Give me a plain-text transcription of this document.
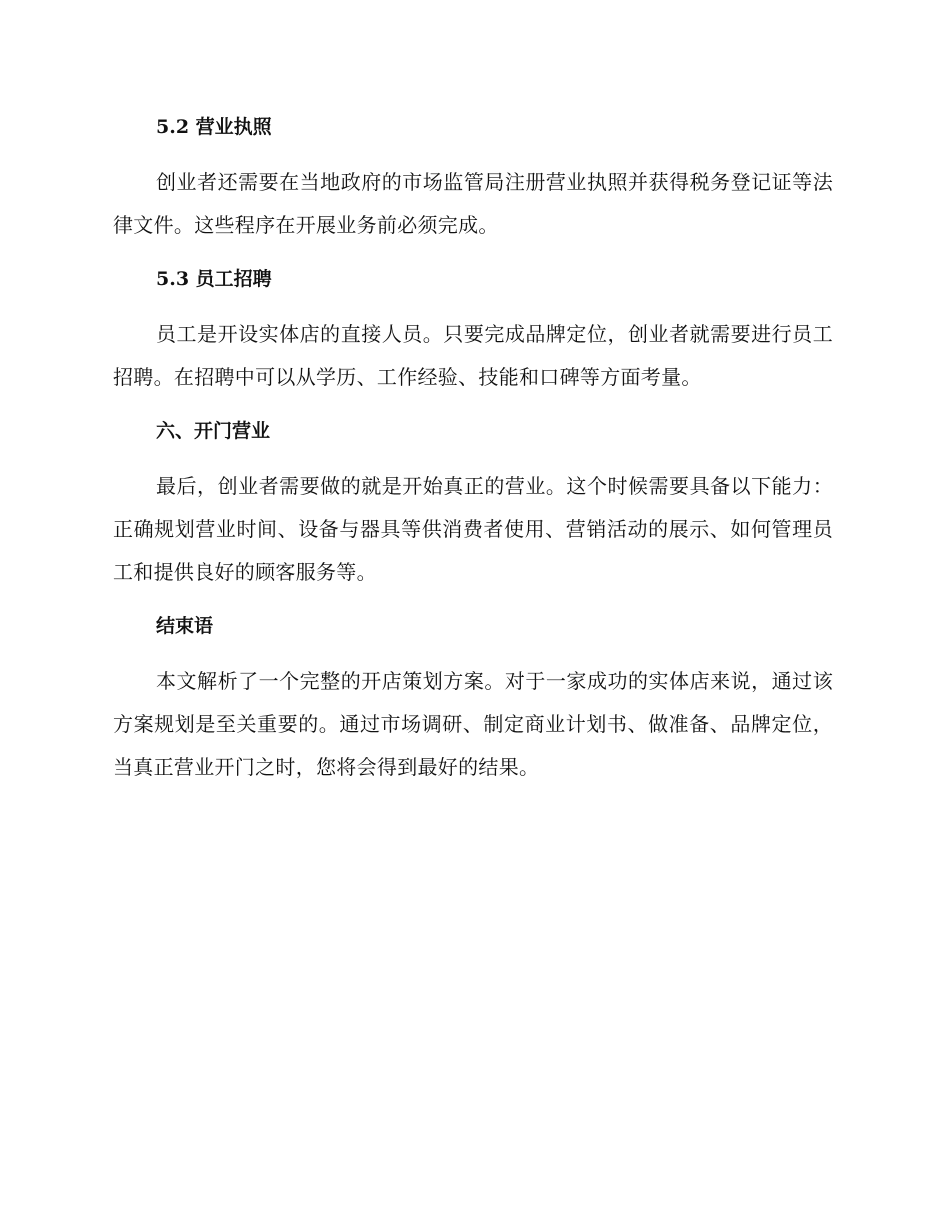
5.2 营业执照
创业者还需要在当地政府的市场监管局注册营业执照并获得税务登记证等法律文件。这些程序在开展业务前必须完成。
5.3 员工招聘
员工是开设实体店的直接人员。只要完成品牌定位，创业者就需要进行员工招聘。在招聘中可以从学历、工作经验、技能和口碑等方面考量。
六、开门营业
最后，创业者需要做的就是开始真正的营业。这个时候需要具备以下能力：正确规划营业时间、设备与器具等供消费者使用、营销活动的展示、如何管理员工和提供良好的顾客服务等。
结束语
本文解析了一个完整的开店策划方案。对于一家成功的实体店来说，通过该方案规划是至关重要的。通过市场调研、制定商业计划书、做准备、品牌定位，当真正营业开门之时，您将会得到最好的结果。
